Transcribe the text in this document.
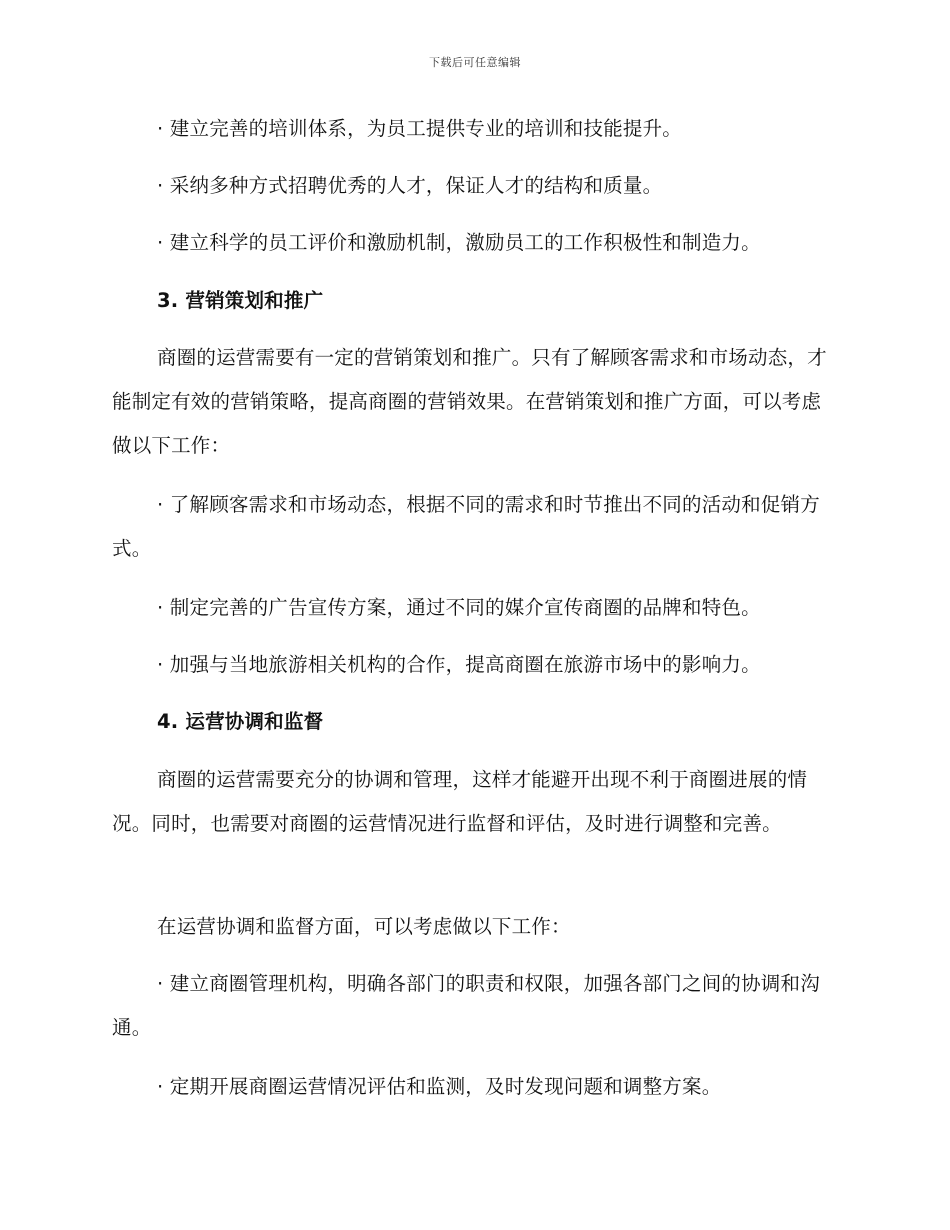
下载后可任意编辑

· 建立完善的培训体系，为员工提供专业的培训和技能提升。

· 采纳多种方式招聘优秀的人才，保证人才的结构和质量。

· 建立科学的员工评价和激励机制，激励员工的工作积极性和制造力。

3. 营销策划和推广

商圈的运营需要有一定的营销策划和推广。只有了解顾客需求和市场动态，才能制定有效的营销策略，提高商圈的营销效果。在营销策划和推广方面，可以考虑做以下工作：

· 了解顾客需求和市场动态，根据不同的需求和时节推出不同的活动和促销方式。

· 制定完善的广告宣传方案，通过不同的媒介宣传商圈的品牌和特色。

· 加强与当地旅游相关机构的合作，提高商圈在旅游市场中的影响力。

4. 运营协调和监督

商圈的运营需要充分的协调和管理，这样才能避开出现不利于商圈进展的情况。同时，也需要对商圈的运营情况进行监督和评估，及时进行调整和完善。

在运营协调和监督方面，可以考虑做以下工作：

· 建立商圈管理机构，明确各部门的职责和权限，加强各部门之间的协调和沟通。

· 定期开展商圈运营情况评估和监测，及时发现问题和调整方案。
